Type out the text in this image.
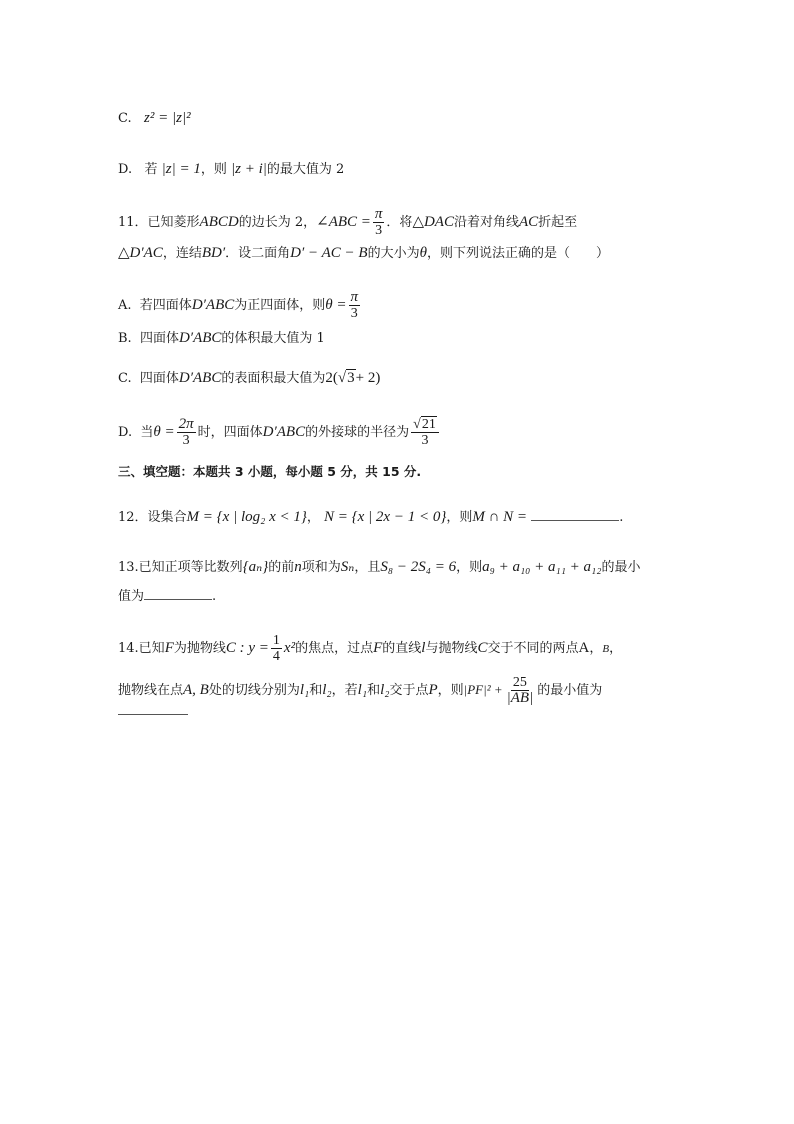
C. z² = |z|²
D. 若 |z| = 1，则 |z + i|的最大值为 2
11．已知菱形ABCD的边长为 2，∠ABC = $\frac{\pi}{3}$ ．将△DAC沿着对角线AC折起至
△D′AC，连结BD′．设二面角D′ − AC − B的大小为θ，则下列说法正确的是（　　）
A. 若四面体D′ABC为正四面体，则$\theta = \frac{\pi}{3}$
B. 四面体D′ABC的体积最大值为 1
C. 四面体D′ABC的表面积最大值为2(√3+ 2)
D. 当$\theta = \frac{2\pi}{3}$ 时，四面体D′ABC的外接球的半径为 $\frac{√21}{3}$
三、填空题：本题共 3 小题，每小题 5 分，共 15 分.
12．设集合M = {x | log₂ x < 1}， N = {x | 2x − 1 < 0}，则M ∩ N =	.
13.已知正项等比数列{aₙ}的前n项和为Sₙ，且S₈ − 2S₄ = 6，则a₉ + a₁₀ + a₁₁ + a₁₂的最小
值为	.
14.已知F为抛物线C : $y = \frac{1}{4} x^2$的焦点，过点F的直线l与抛物线C交于不同的两点A，B，
抛物线在点A, B处的切线分别为l₁和l₂，若l₁和l₂交于点P，则$|PF|^2 + \frac{25}{|AB|}$ 的最小值为
